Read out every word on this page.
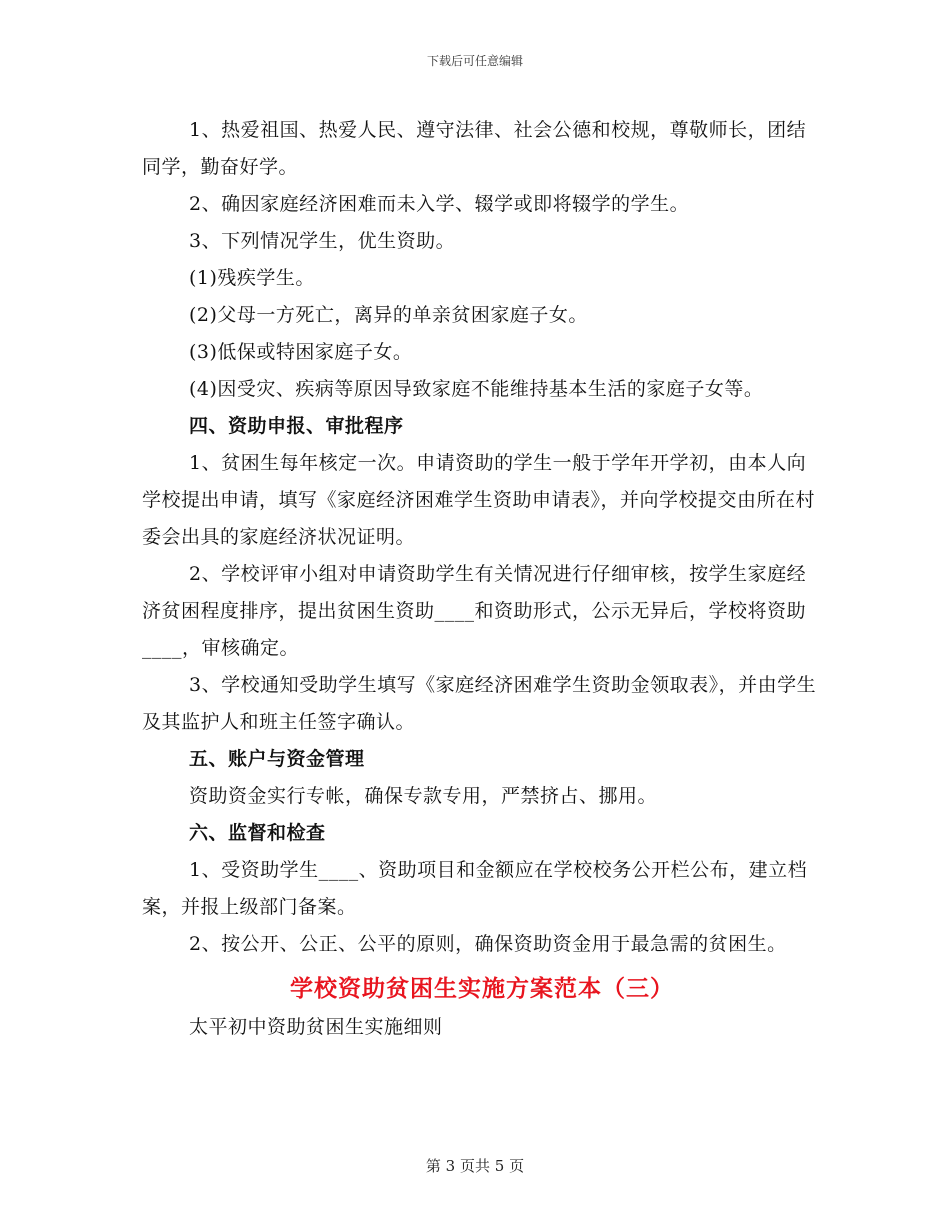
下载后可任意编辑

1、热爱祖国、热爱人民、遵守法律、社会公德和校规，尊敬师长，团结同学，勤奋好学。

2、确因家庭经济困难而未入学、辍学或即将辍学的学生。

3、下列情况学生，优生资助。

(1)残疾学生。

(2)父母一方死亡，离异的单亲贫困家庭子女。

(3)低保或特困家庭子女。

(4)因受灾、疾病等原因导致家庭不能维持基本生活的家庭子女等。

四、资助申报、审批程序

1、贫困生每年核定一次。申请资助的学生一般于学年开学初，由本人向学校提出申请，填写《家庭经济困难学生资助申请表》，并向学校提交由所在村委会出具的家庭经济状况证明。

2、学校评审小组对申请资助学生有关情况进行仔细审核，按学生家庭经济贫困程度排序，提出贫困生资助____和资助形式，公示无异后，学校将资助____，审核确定。

3、学校通知受助学生填写《家庭经济困难学生资助金领取表》，并由学生及其监护人和班主任签字确认。

五、账户与资金管理

资助资金实行专帐，确保专款专用，严禁挤占、挪用。

六、监督和检查

1、受资助学生____、资助项目和金额应在学校校务公开栏公布，建立档案，并报上级部门备案。

2、按公开、公正、公平的原则，确保资助资金用于最急需的贫困生。

学校资助贫困生实施方案范本（三）

太平初中资助贫困生实施细则

第 3 页共 5 页
